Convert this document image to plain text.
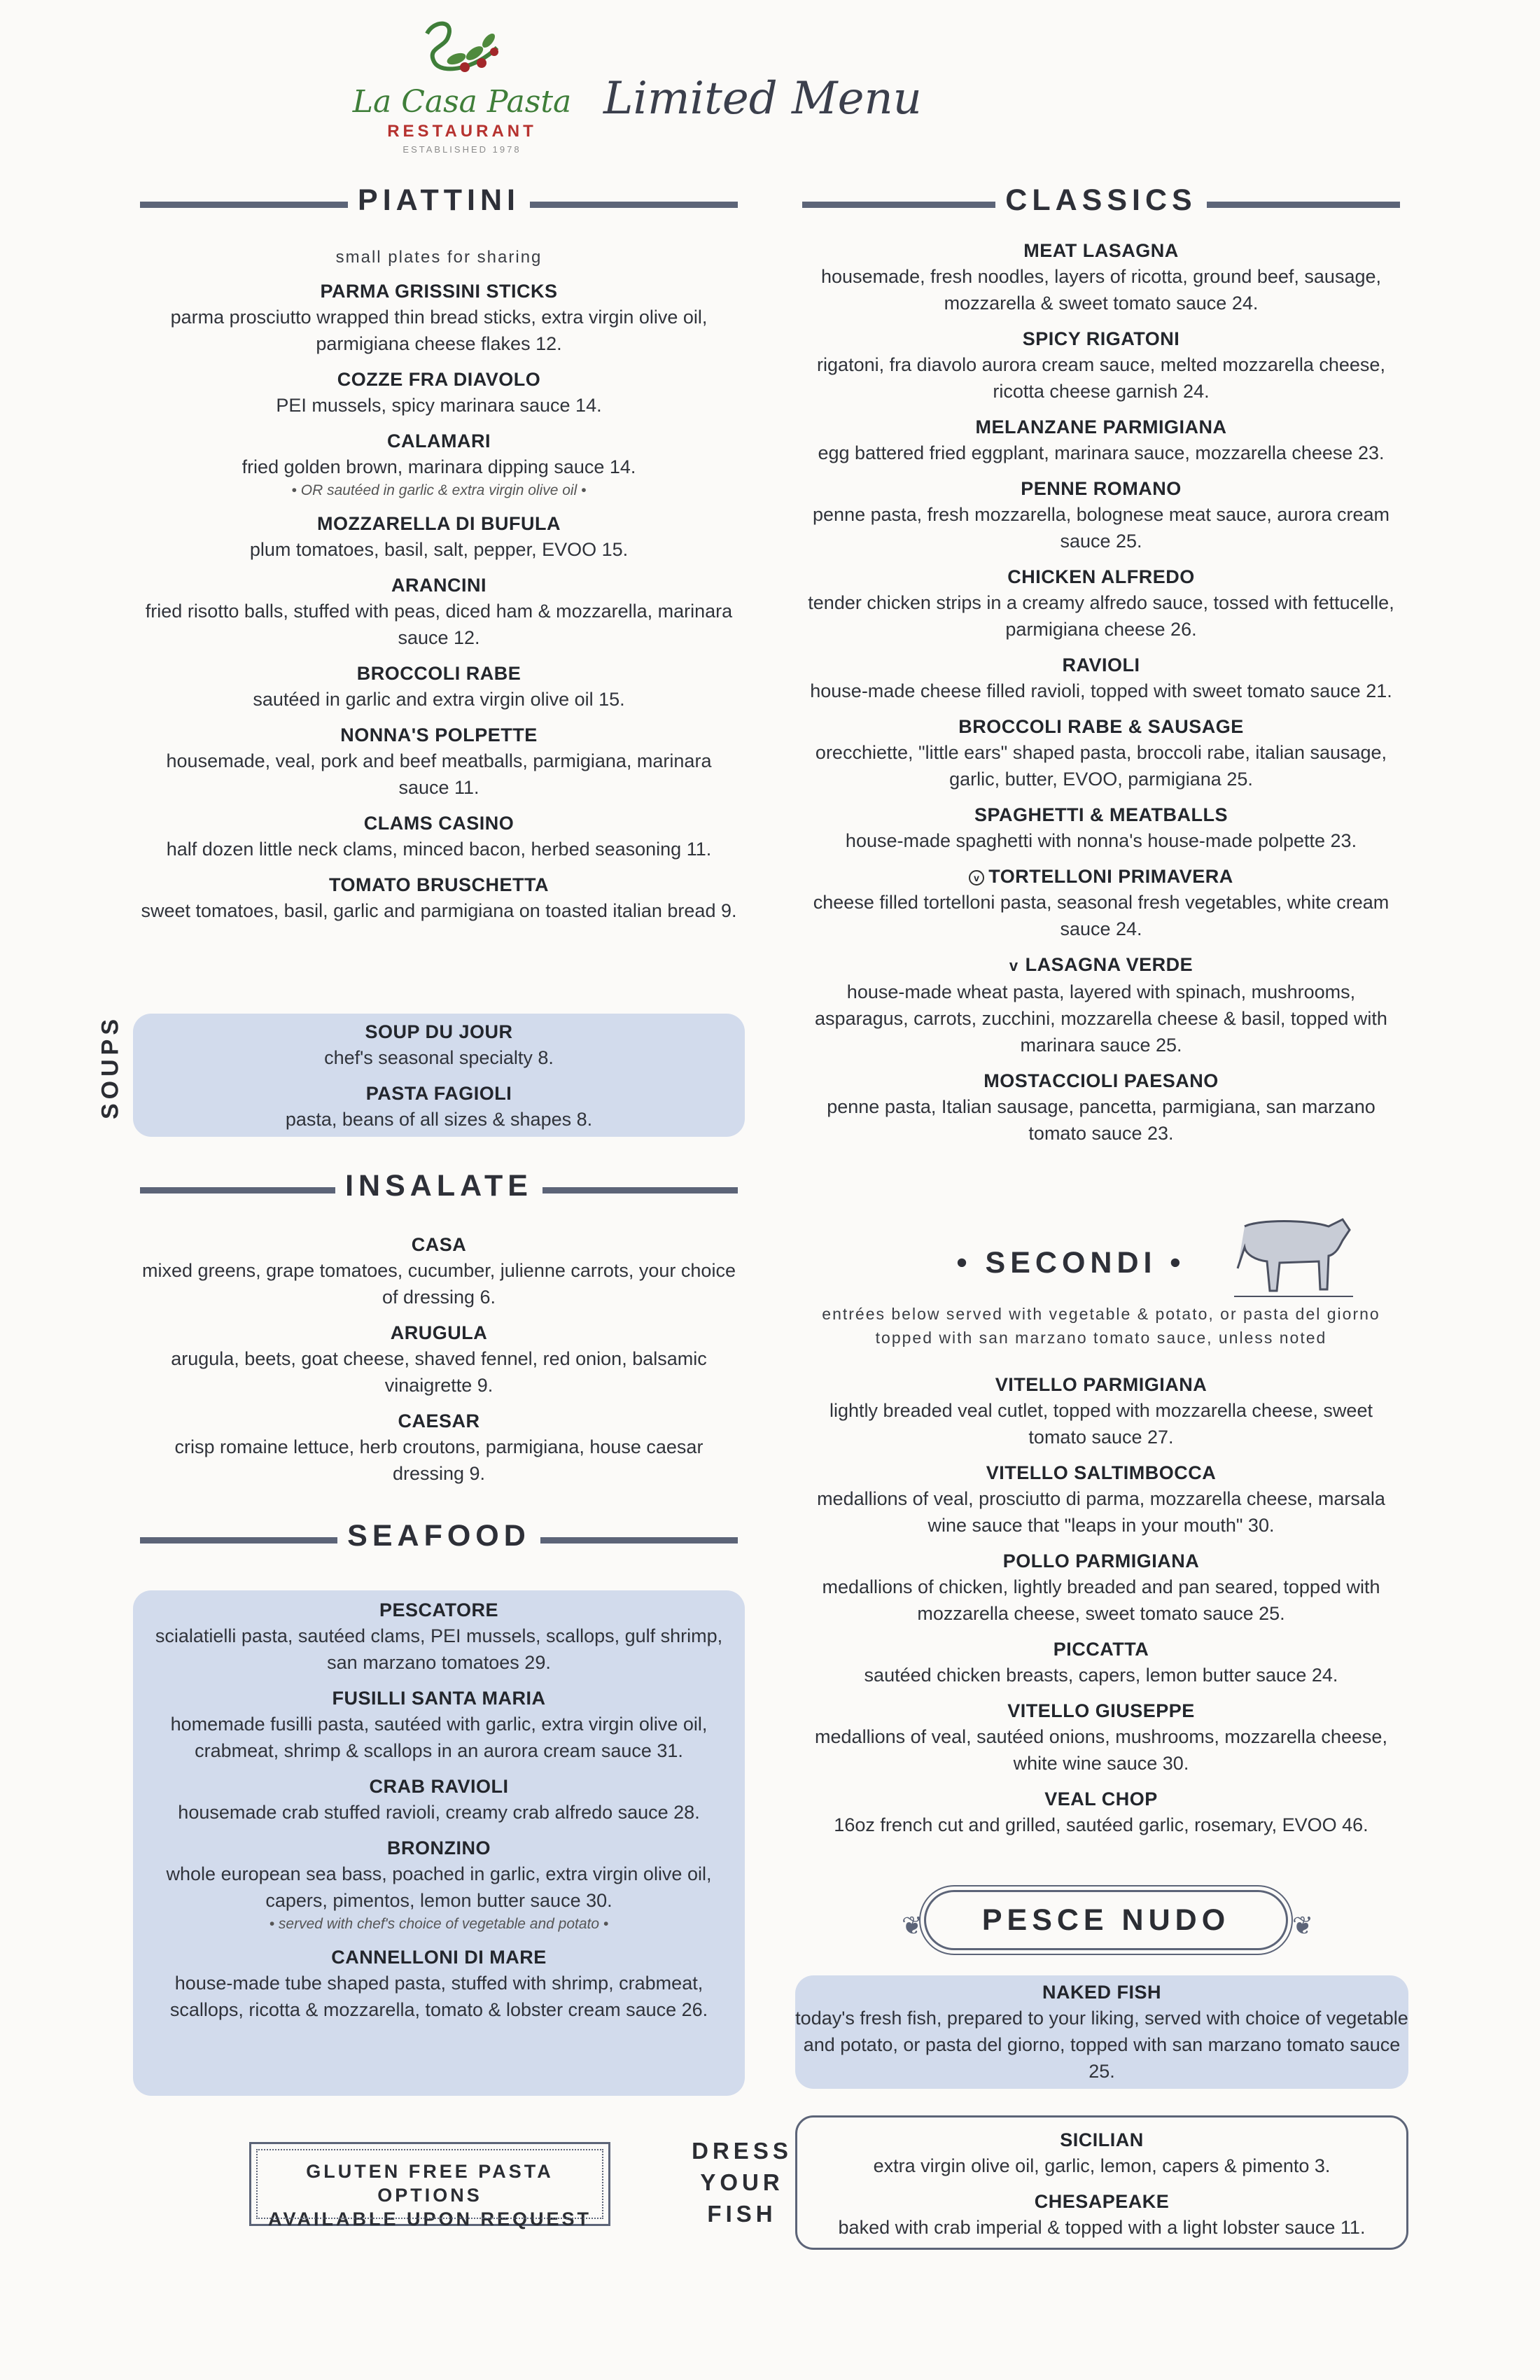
La Casa Pasta
RESTAURANT
ESTABLISHED 1978
Limited Menu
PIATTINI
small plates for sharing
PARMA GRISSINI STICKS
parma prosciutto wrapped thin bread sticks, extra virgin olive oil, parmigiana cheese flakes 12.
COZZE FRA DIAVOLO
PEI mussels, spicy marinara sauce 14.
CALAMARI
fried golden brown, marinara dipping sauce 14.
• OR sautéed in garlic & extra virgin olive oil •
MOZZARELLA DI BUFULA
plum tomatoes, basil, salt, pepper, EVOO 15.
ARANCINI
fried risotto balls, stuffed with peas, diced ham & mozzarella, marinara sauce 12.
BROCCOLI RABE
sautéed in garlic and extra virgin olive oil 15.
NONNA'S POLPETTE
housemade, veal, pork and beef meatballs, parmigiana, marinara sauce 11.
CLAMS CASINO
half dozen little neck clams, minced bacon, herbed seasoning 11.
TOMATO BRUSCHETTA
sweet tomatoes, basil, garlic and parmigiana on toasted italian bread 9.
SOUPS	SOUP DU JOUR
chef's seasonal specialty 8.
PASTA FAGIOLI
pasta, beans of all sizes & shapes 8.
INSALATE
CASA
mixed greens, grape tomatoes, cucumber, julienne carrots, your choice of dressing 6.
ARUGULA
arugula, beets, goat cheese, shaved fennel, red onion, balsamic vinaigrette 9.
CAESAR
crisp romaine lettuce, herb croutons, parmigiana, house caesar dressing 9.
SEAFOOD
PESCATORE
scialatielli pasta, sautéed clams, PEI mussels, scallops, gulf shrimp, san marzano tomatoes 29.
FUSILLI SANTA MARIA
homemade fusilli pasta, sautéed with garlic, extra virgin olive oil, crabmeat, shrimp & scallops in an aurora cream sauce 31.
CRAB RAVIOLI
housemade crab stuffed ravioli, creamy crab alfredo sauce 28.
BRONZINO
whole european sea bass, poached in garlic, extra virgin olive oil, capers, pimentos, lemon butter sauce 30.
• served with chef's choice of vegetable and potato •
CANNELLONI DI MARE
house-made tube shaped pasta, stuffed with shrimp, crabmeat, scallops, ricotta & mozzarella, tomato & lobster cream sauce 26.
GLUTEN FREE PASTA OPTIONS
AVAILABLE UPON REQUEST
CLASSICS
MEAT LASAGNA
housemade, fresh noodles, layers of ricotta, ground beef, sausage, mozzarella & sweet tomato sauce 24.
SPICY RIGATONI
rigatoni, fra diavolo aurora cream sauce, melted mozzarella cheese, ricotta cheese garnish 24.
MELANZANE PARMIGIANA
egg battered fried eggplant, marinara sauce, mozzarella cheese 23.
PENNE ROMANO
penne pasta, fresh mozzarella, bolognese meat sauce, aurora cream sauce 25.
CHICKEN ALFREDO
tender chicken strips in a creamy alfredo sauce, tossed with fettucelle, parmigiana cheese 26.
RAVIOLI
house-made cheese filled ravioli, topped with sweet tomato sauce 21.
BROCCOLI RABE & SAUSAGE
orecchiette, "little ears" shaped pasta, broccoli rabe, italian sausage, garlic, butter, EVOO, parmigiana 25.
SPAGHETTI & MEATBALLS
house-made spaghetti with nonna's house-made polpette 23.
v TORTELLONI PRIMAVERA
cheese filled tortelloni pasta, seasonal fresh vegetables, white cream sauce 24.
v LASAGNA VERDE
house-made wheat pasta, layered with spinach, mushrooms, asparagus, carrots, zucchini, mozzarella cheese & basil, topped with marinara sauce 25.
MOSTACCIOLI PAESANO
penne pasta, Italian sausage, pancetta, parmigiana, san marzano tomato sauce 23.
• SECONDI •
entrées below served with vegetable & potato, or pasta del giorno topped with san marzano tomato sauce, unless noted
VITELLO PARMIGIANA
lightly breaded veal cutlet, topped with mozzarella cheese, sweet tomato sauce 27.
VITELLO SALTIMBOCCA
medallions of veal, prosciutto di parma, mozzarella cheese, marsala wine sauce that "leaps in your mouth" 30.
POLLO PARMIGIANA
medallions of chicken, lightly breaded and pan seared, topped with mozzarella cheese, sweet tomato sauce 25.
PICCATTA
sautéed chicken breasts, capers, lemon butter sauce 24.
VITELLO GIUSEPPE
medallions of veal, sautéed onions, mushrooms, mozzarella cheese, white wine sauce 30.
VEAL CHOP
16oz french cut and grilled, sautéed garlic, rosemary, EVOO 46.
❦	PESCE NUDO	❦
NAKED FISH
today's fresh fish, prepared to your liking, served with choice of vegetable and potato, or pasta del giorno, topped with san marzano tomato sauce 25.
DRESS
YOUR
FISH
SICILIAN
extra virgin olive oil, garlic, lemon, capers & pimento 3.
CHESAPEAKE
baked with crab imperial & topped with a light lobster sauce 11.
